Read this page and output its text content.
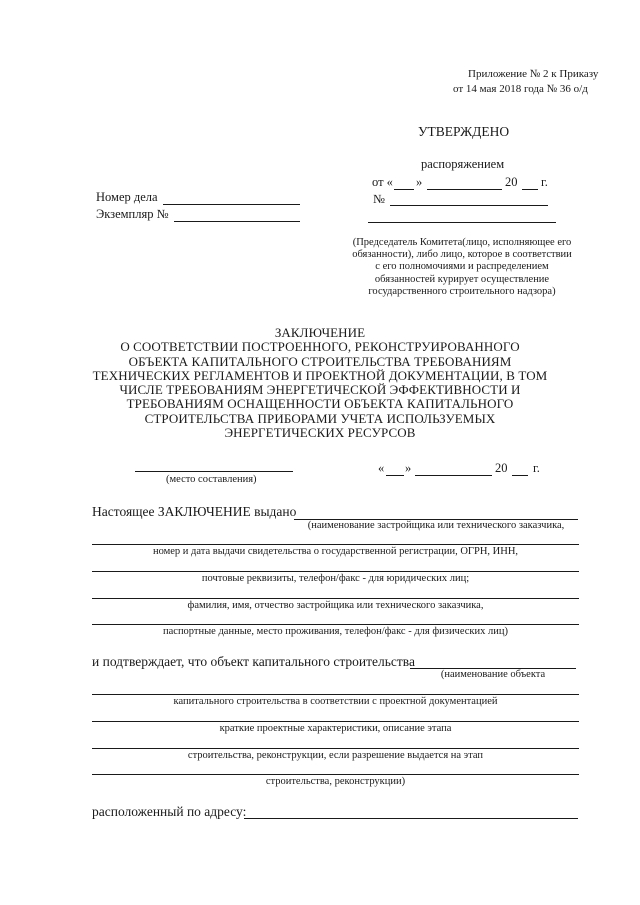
Приложение № 2 к Приказу
от 14 мая 2018 года № 36 о/д
УТВЕРЖДЕНО
распоряжением
от « »	20 г.
№
Номер дела
Экземпляр №
(Председатель Комитета(лицо, исполняющее его
обязанности), либо лицо, которое в соответствии
с его полномочиями и распределением
обязанностей курирует осуществление
государственного строительного надзора)
ЗАКЛЮЧЕНИЕ
О СООТВЕТСТВИИ ПОСТРОЕННОГО, РЕКОНСТРУИРОВАННОГО
ОБЪЕКТА КАПИТАЛЬНОГО СТРОИТЕЛЬСТВА ТРЕБОВАНИЯМ
ТЕХНИЧЕСКИХ РЕГЛАМЕНТОВ И ПРОЕКТНОЙ ДОКУМЕНТАЦИИ, В ТОМ
ЧИСЛЕ ТРЕБОВАНИЯМ ЭНЕРГЕТИЧЕСКОЙ ЭФФЕКТИВНОСТИ И
ТРЕБОВАНИЯМ ОСНАЩЕННОСТИ ОБЪЕКТА КАПИТАЛЬНОГО
СТРОИТЕЛЬСТВА ПРИБОРАМИ УЧЕТА ИСПОЛЬЗУЕМЫХ
ЭНЕРГЕТИЧЕСКИХ РЕСУРСОВ
(место составления)
« »	20 г.
Настоящее ЗАКЛЮЧЕНИЕ выдано
(наименование застройщика или технического заказчика,
номер и дата выдачи свидетельства о государственной регистрации, ОГРН, ИНН,
почтовые реквизиты, телефон/факс - для юридических лиц;
фамилия, имя, отчество застройщика или технического заказчика,
паспортные данные, место проживания, телефон/факс - для физических лиц)
и подтверждает, что объект капитального строительства
(наименование объекта
капитального строительства в соответствии с проектной документацией
краткие проектные характеристики, описание этапа
строительства, реконструкции, если разрешение выдается на этап
строительства, реконструкции)
расположенный по адресу:
